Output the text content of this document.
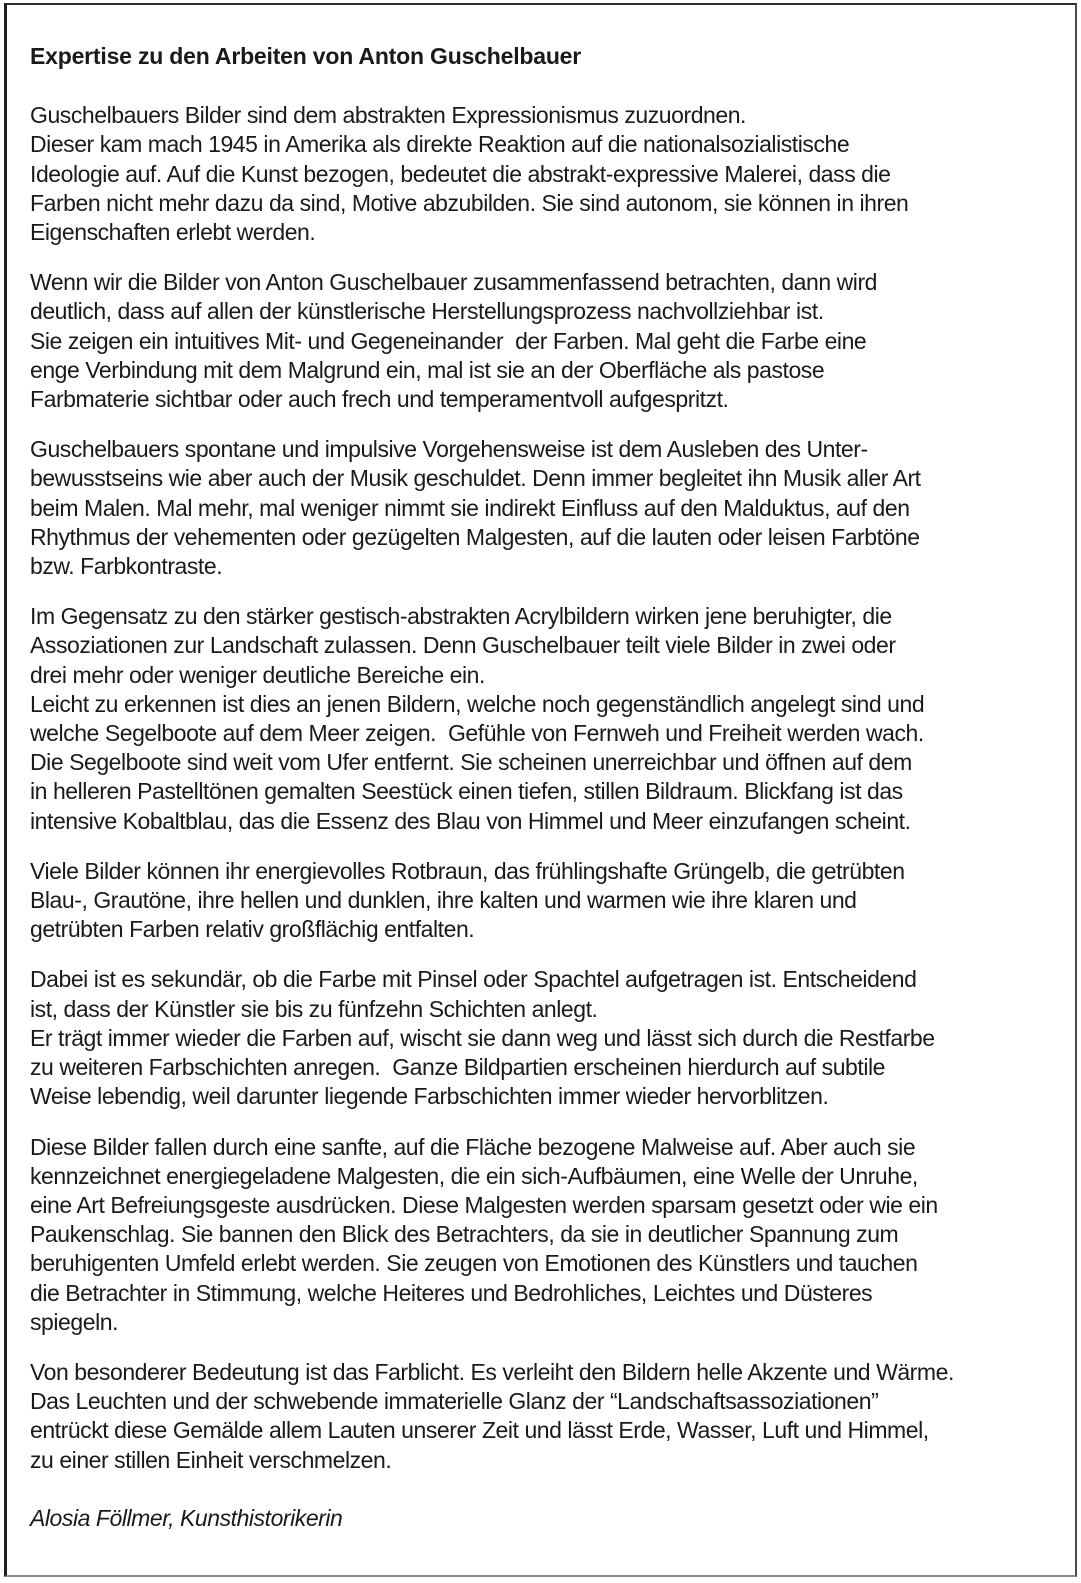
Expertise zu den Arbeiten von Anton Guschelbauer
Guschelbauers Bilder sind dem abstrakten Expressionismus zuzuordnen.
Dieser kam mach 1945 in Amerika als direkte Reaktion auf die nationalsozialistische
Ideologie auf. Auf die Kunst bezogen, bedeutet die abstrakt-expressive Malerei, dass die
Farben nicht mehr dazu da sind, Motive abzubilden. Sie sind autonom, sie können in ihren
Eigenschaften erlebt werden.
Wenn wir die Bilder von Anton Guschelbauer zusammenfassend betrachten, dann wird
deutlich, dass auf allen der künstlerische Herstellungsprozess nachvollziehbar ist.
Sie zeigen ein intuitives Mit- und Gegeneinander  der Farben. Mal geht die Farbe eine
enge Verbindung mit dem Malgrund ein, mal ist sie an der Oberfläche als pastose
Farbmaterie sichtbar oder auch frech und temperamentvoll aufgespritzt.
Guschelbauers spontane und impulsive Vorgehensweise ist dem Ausleben des Unter-
bewusstseins wie aber auch der Musik geschuldet. Denn immer begleitet ihn Musik aller Art
beim Malen. Mal mehr, mal weniger nimmt sie indirekt Einfluss auf den Malduktus, auf den
Rhythmus der vehementen oder gezügelten Malgesten, auf die lauten oder leisen Farbtöne
bzw. Farbkontraste.
Im Gegensatz zu den stärker gestisch-abstrakten Acrylbildern wirken jene beruhigter, die
Assoziationen zur Landschaft zulassen. Denn Guschelbauer teilt viele Bilder in zwei oder
drei mehr oder weniger deutliche Bereiche ein.
Leicht zu erkennen ist dies an jenen Bildern, welche noch gegenständlich angelegt sind und
welche Segelboote auf dem Meer zeigen.  Gefühle von Fernweh und Freiheit werden wach.
Die Segelboote sind weit vom Ufer entfernt. Sie scheinen unerreichbar und öffnen auf dem
in helleren Pastelltönen gemalten Seestück einen tiefen, stillen Bildraum. Blickfang ist das
intensive Kobaltblau, das die Essenz des Blau von Himmel und Meer einzufangen scheint.
Viele Bilder können ihr energievolles Rotbraun, das frühlingshafte Grüngelb, die getrübten
Blau-, Grautöne, ihre hellen und dunklen, ihre kalten und warmen wie ihre klaren und
getrübten Farben relativ großflächig entfalten.
Dabei ist es sekundär, ob die Farbe mit Pinsel oder Spachtel aufgetragen ist. Entscheidend
ist, dass der Künstler sie bis zu fünfzehn Schichten anlegt.
Er trägt immer wieder die Farben auf, wischt sie dann weg und lässt sich durch die Restfarbe
zu weiteren Farbschichten anregen.  Ganze Bildpartien erscheinen hierdurch auf subtile
Weise lebendig, weil darunter liegende Farbschichten immer wieder hervorblitzen.
Diese Bilder fallen durch eine sanfte, auf die Fläche bezogene Malweise auf. Aber auch sie
kennzeichnet energiegeladene Malgesten, die ein sich-Aufbäumen, eine Welle der Unruhe,
eine Art Befreiungsgeste ausdrücken. Diese Malgesten werden sparsam gesetzt oder wie ein
Paukenschlag. Sie bannen den Blick des Betrachters, da sie in deutlicher Spannung zum
beruhigenten Umfeld erlebt werden. Sie zeugen von Emotionen des Künstlers und tauchen
die Betrachter in Stimmung, welche Heiteres und Bedrohliches, Leichtes und Düsteres
spiegeln.
Von besonderer Bedeutung ist das Farblicht. Es verleiht den Bildern helle Akzente und Wärme.
Das Leuchten und der schwebende immaterielle Glanz der “Landschaftsassoziationen”
entrückt diese Gemälde allem Lauten unserer Zeit und lässt Erde, Wasser, Luft und Himmel,
zu einer stillen Einheit verschmelzen.
Alosia Föllmer, Kunsthistorikerin
